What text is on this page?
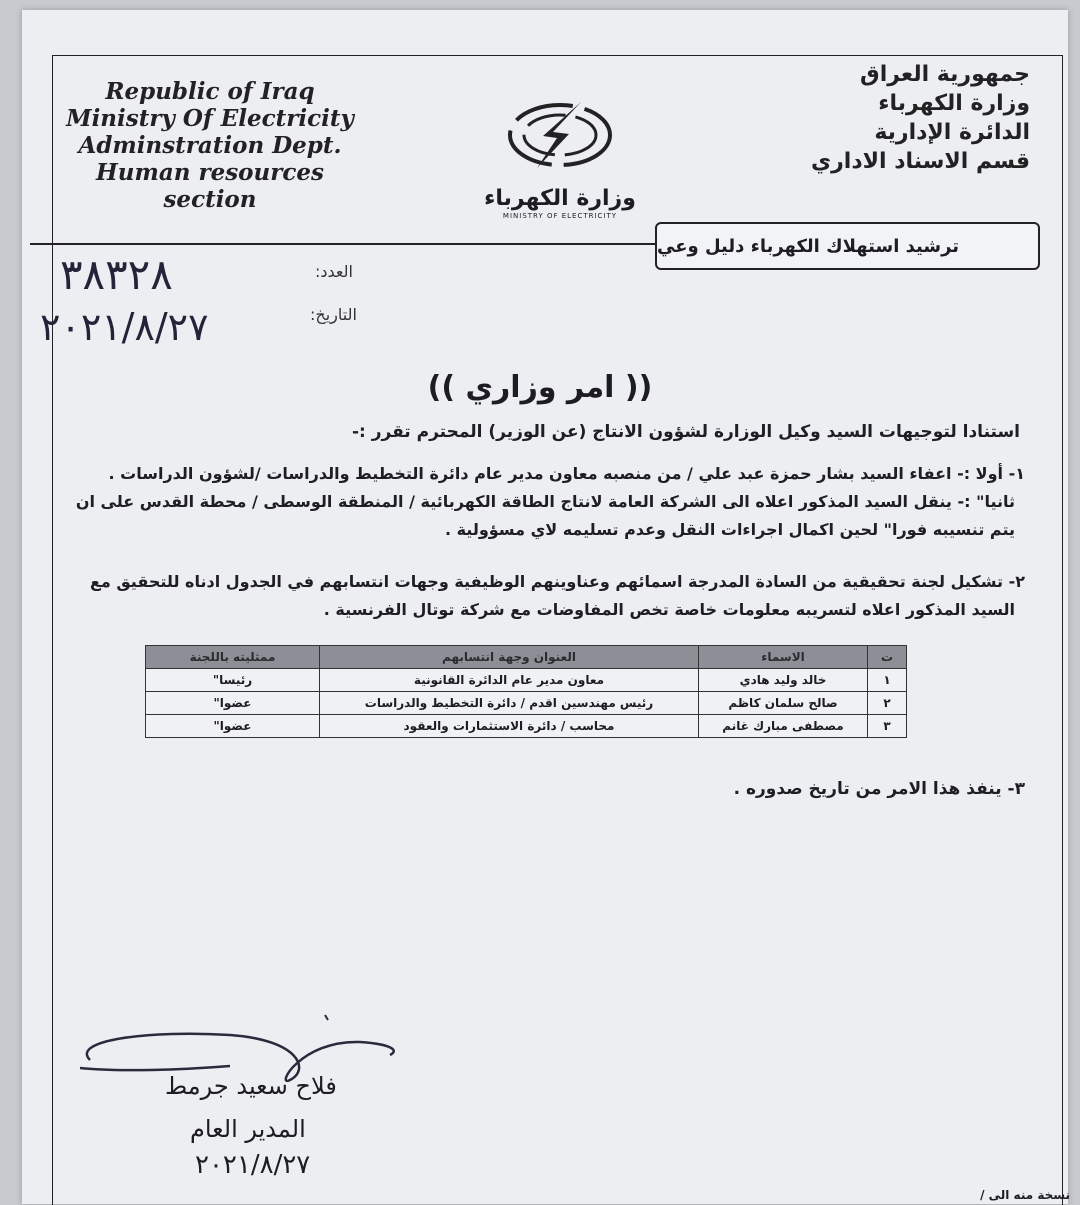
Republic of Iraq
Ministry Of Electricity
Adminstration Dept.
Human resources
section
جمهورية العراق
وزارة الكهرباء
الدائرة الإدارية
قسم الاسناد الاداري
وزارة الكهرباء
MINISTRY OF ELECTRICITY
ترشيد استهلاك الكهرباء دليل وعي
العدد:
٣٨٣٢٨
التاريخ:
٢٠٢١/٨/٢٧
(( امر وزاري ))
استنادا لتوجيهات السيد وكيل الوزارة لشؤون الانتاج (عن الوزير) المحترم تقرر :-
١- أولا :- اعفاء السيد بشار حمزة عبد علي / من منصبه معاون مدير عام دائرة التخطيط والدراسات /لشؤون الدراسات .
ثانيا" :- ينقل السيد المذكور اعلاه الى الشركة العامة لانتاج الطاقة الكهربائية / المنطقة الوسطى / محطة القدس على ان
يتم تنسيبه فورا" لحين اكمال اجراءات النقل وعدم تسليمه لاي مسؤولية .
٢- تشكيل لجنة تحقيقية من السادة المدرجة اسمائهم وعناوينهم الوظيفية وجهات انتسابهم في الجدول ادناه للتحقيق مع
السيد المذكور اعلاه لتسريبه معلومات خاصة تخص المفاوضات مع شركة توتال الفرنسية .
ت	الاسماء	العنوان وجهة انتسابهم	ممثليته باللجنة
١	خالد وليد هادي	معاون مدير عام الدائرة القانونية	رئيسا"
٢	صالح سلمان كاظم	رئيس مهندسين اقدم / دائرة التخطيط والدراسات	عضوا"
٣	مصطفى مبارك غانم	محاسب / دائرة الاستثمارات والعقود	عضوا"
٣- ينفذ هذا الامر من تاريخ صدوره .
فلاح سعيد جرمط
المدير العام
٢٠٢١/٨/٢٧
نسخة منه الى /
